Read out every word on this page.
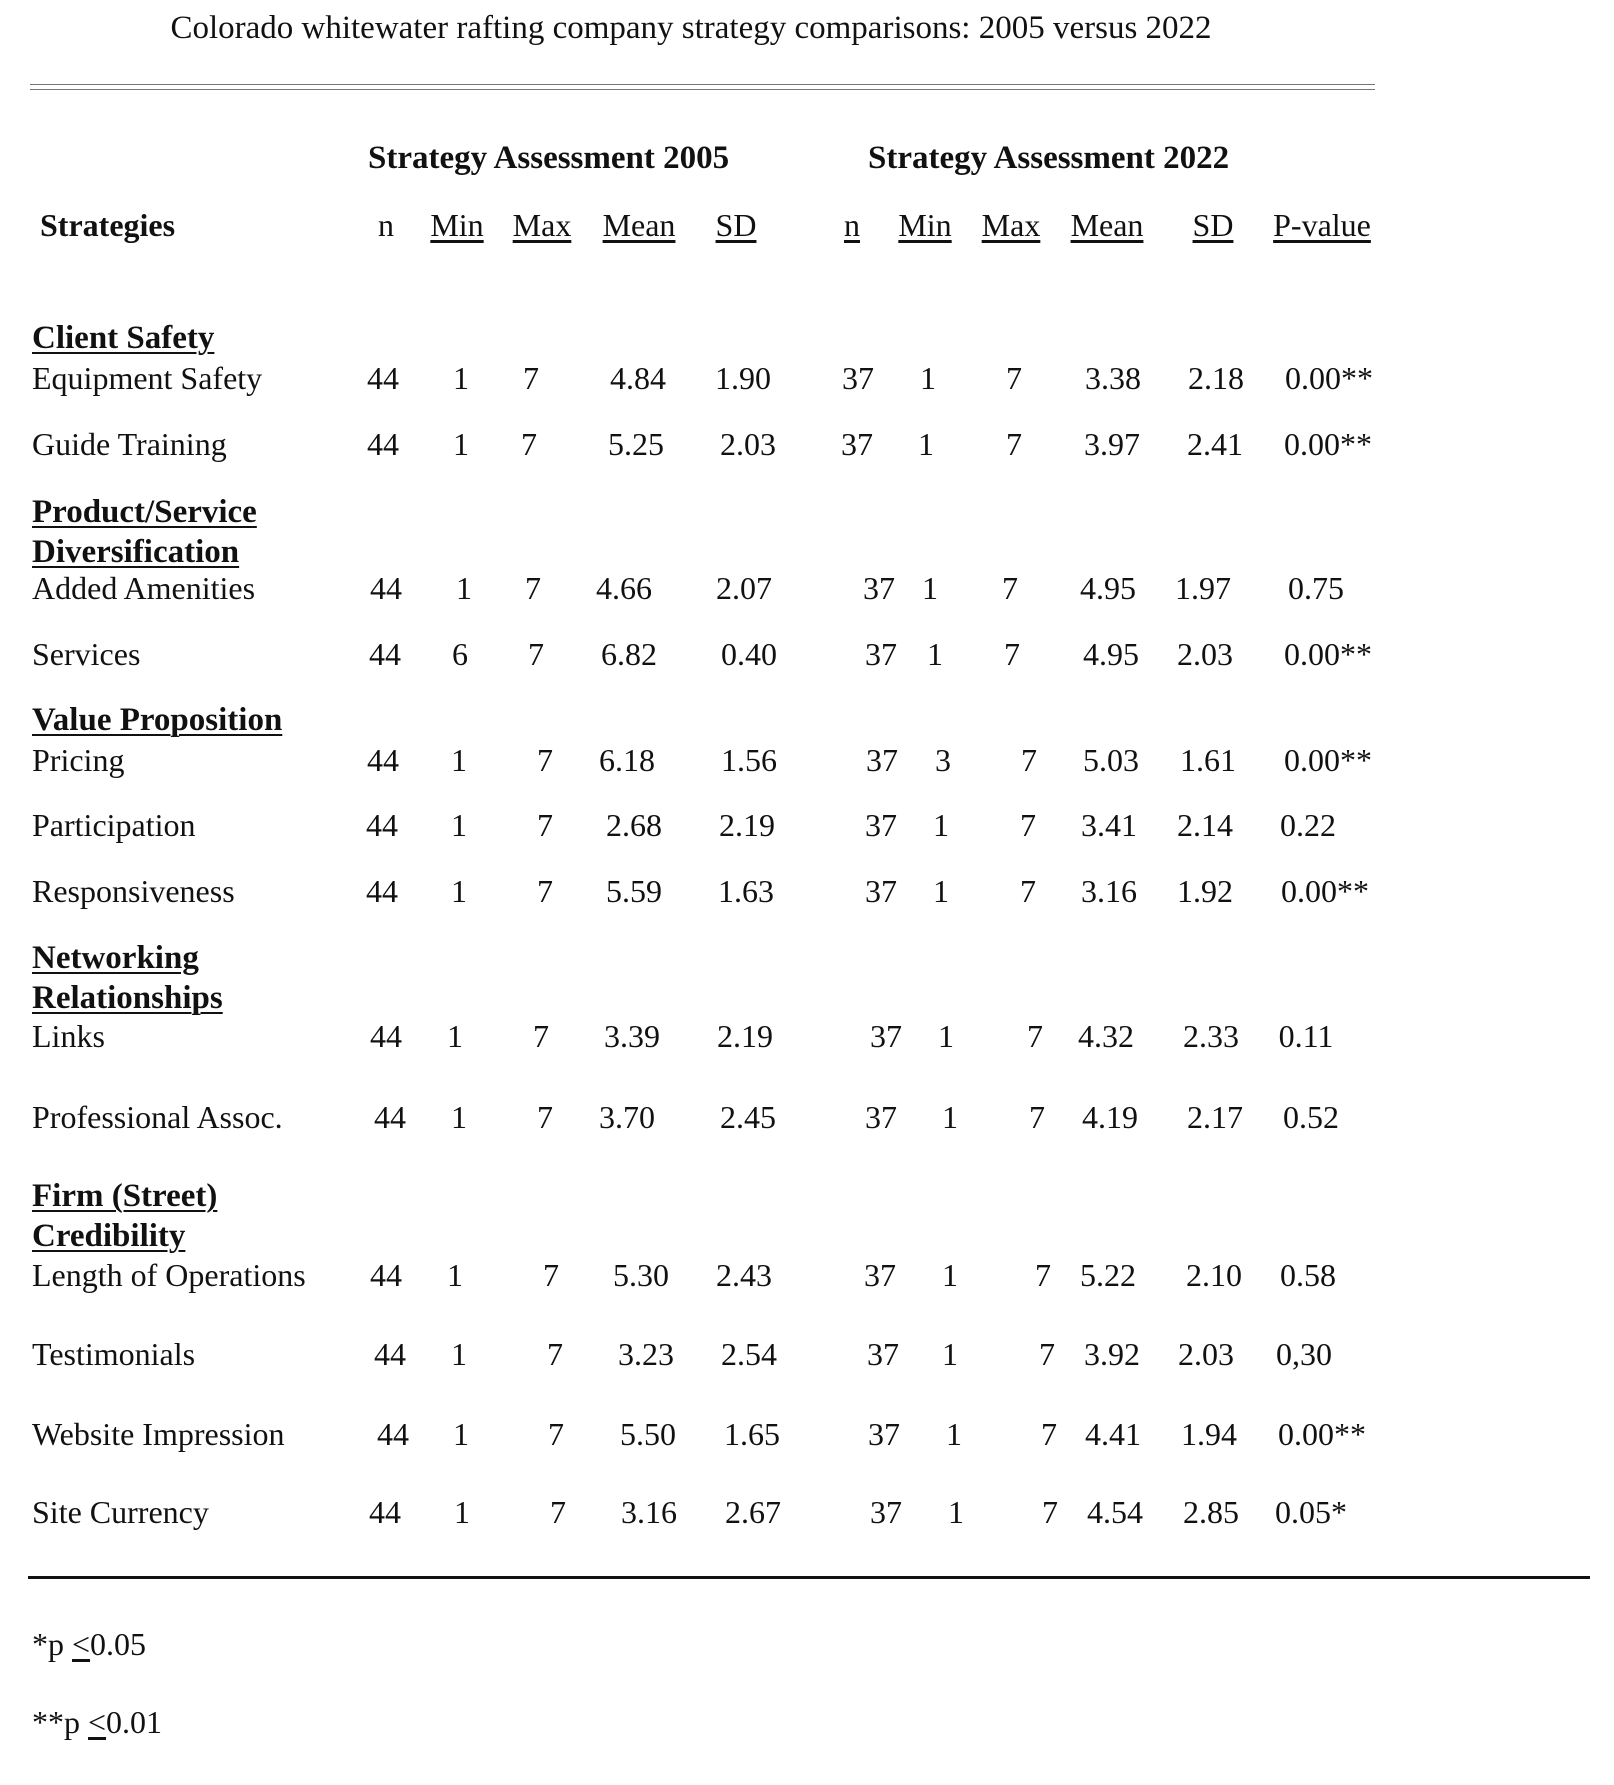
Colorado whitewater rafting company strategy comparisons: 2005 versus 2022
Strategy Assessment 2005	Strategy Assessment 2022
Strategies	n Min Max Mean SD	n Min Max Mean SD P-value
Client Safety
Equipment Safety	44 1 7 4.84 1.90 37 1 7 3.38 2.18 0.00**
Guide Training	44 1 7 5.25 2.03 37 1 7 3.97 2.41 0.00**
Product/Service
Diversification
Added Amenities	44 1 7 4.66 2.07	37 1 7 4.95 1.97 0.75
Services	44 6 7 6.82 0.40	37 1 7 4.95 2.03 0.00**
Value Proposition
Pricing	44 1 7 6.18 1.56	37 3 7 5.03 1.61 0.00**
Participation	44 1 7 2.68 2.19	37 1 7 3.41 2.14 0.22
Responsiveness	44 1 7 5.59 1.63	37 1 7 3.16 1.92 0.00**
Networking
Relationships
Links	44 1 7 3.39 2.19	37 1 7 4.32 2.33 0.11
Professional Assoc.	44 1 7 3.70 2.45	37 1 7 4.19 2.17 0.52
Firm (Street)
Credibility
Length of Operations 44 1	7 5.30 2.43	37 1 7 5.22 2.10 0.58
Testimonials	44 1	7 3.23 2.54	37 1	7 3.92 2.03 0,30
Website Impression	44 1 7 5.50 1.65	37 1 7 4.41 1.94 0.00**
Site Currency	44 1	7 3.16 2.67	37 1 7 4.54 2.85 0.05*
*p ≤0.05
**p ≤0.01
